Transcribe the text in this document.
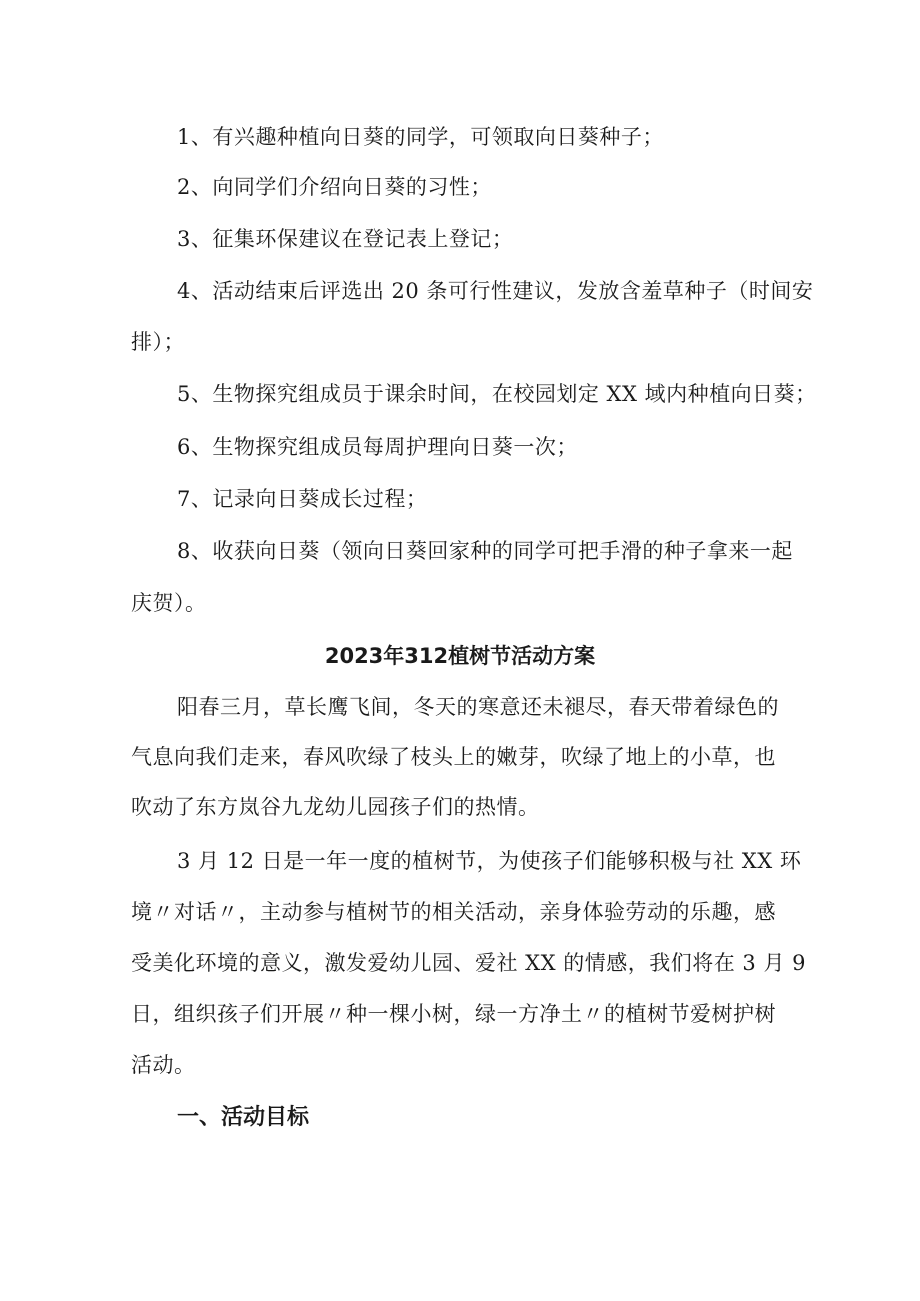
1、有兴趣种植向日葵的同学，可领取向日葵种子；
2、向同学们介绍向日葵的习性；
3、征集环保建议在登记表上登记；
4、活动结束后评选出 20 条可行性建议，发放含羞草种子（时间安
排）；
5、生物探究组成员于课余时间，在校园划定 XX 域内种植向日葵；
6、生物探究组成员每周护理向日葵一次；
7、记录向日葵成长过程；
8、收获向日葵（领向日葵回家种的同学可把手滑的种子拿来一起
庆贺）。
2023年312植树节活动方案
阳春三月，草长鹰飞间，冬天的寒意还未褪尽，春天带着绿色的
气息向我们走来，春风吹绿了枝头上的嫩芽，吹绿了地上的小草，也
吹动了东方岚谷九龙幼儿园孩子们的热情。
3 月 12 日是一年一度的植树节，为使孩子们能够积极与社 XX 环
境〃对话〃，主动参与植树节的相关活动，亲身体验劳动的乐趣，感
受美化环境的意义，激发爱幼儿园、爱社 XX 的情感，我们将在 3 月 9
日，组织孩子们开展〃种一棵小树，绿一方净土〃的植树节爱树护树
活动。
一、活动目标
